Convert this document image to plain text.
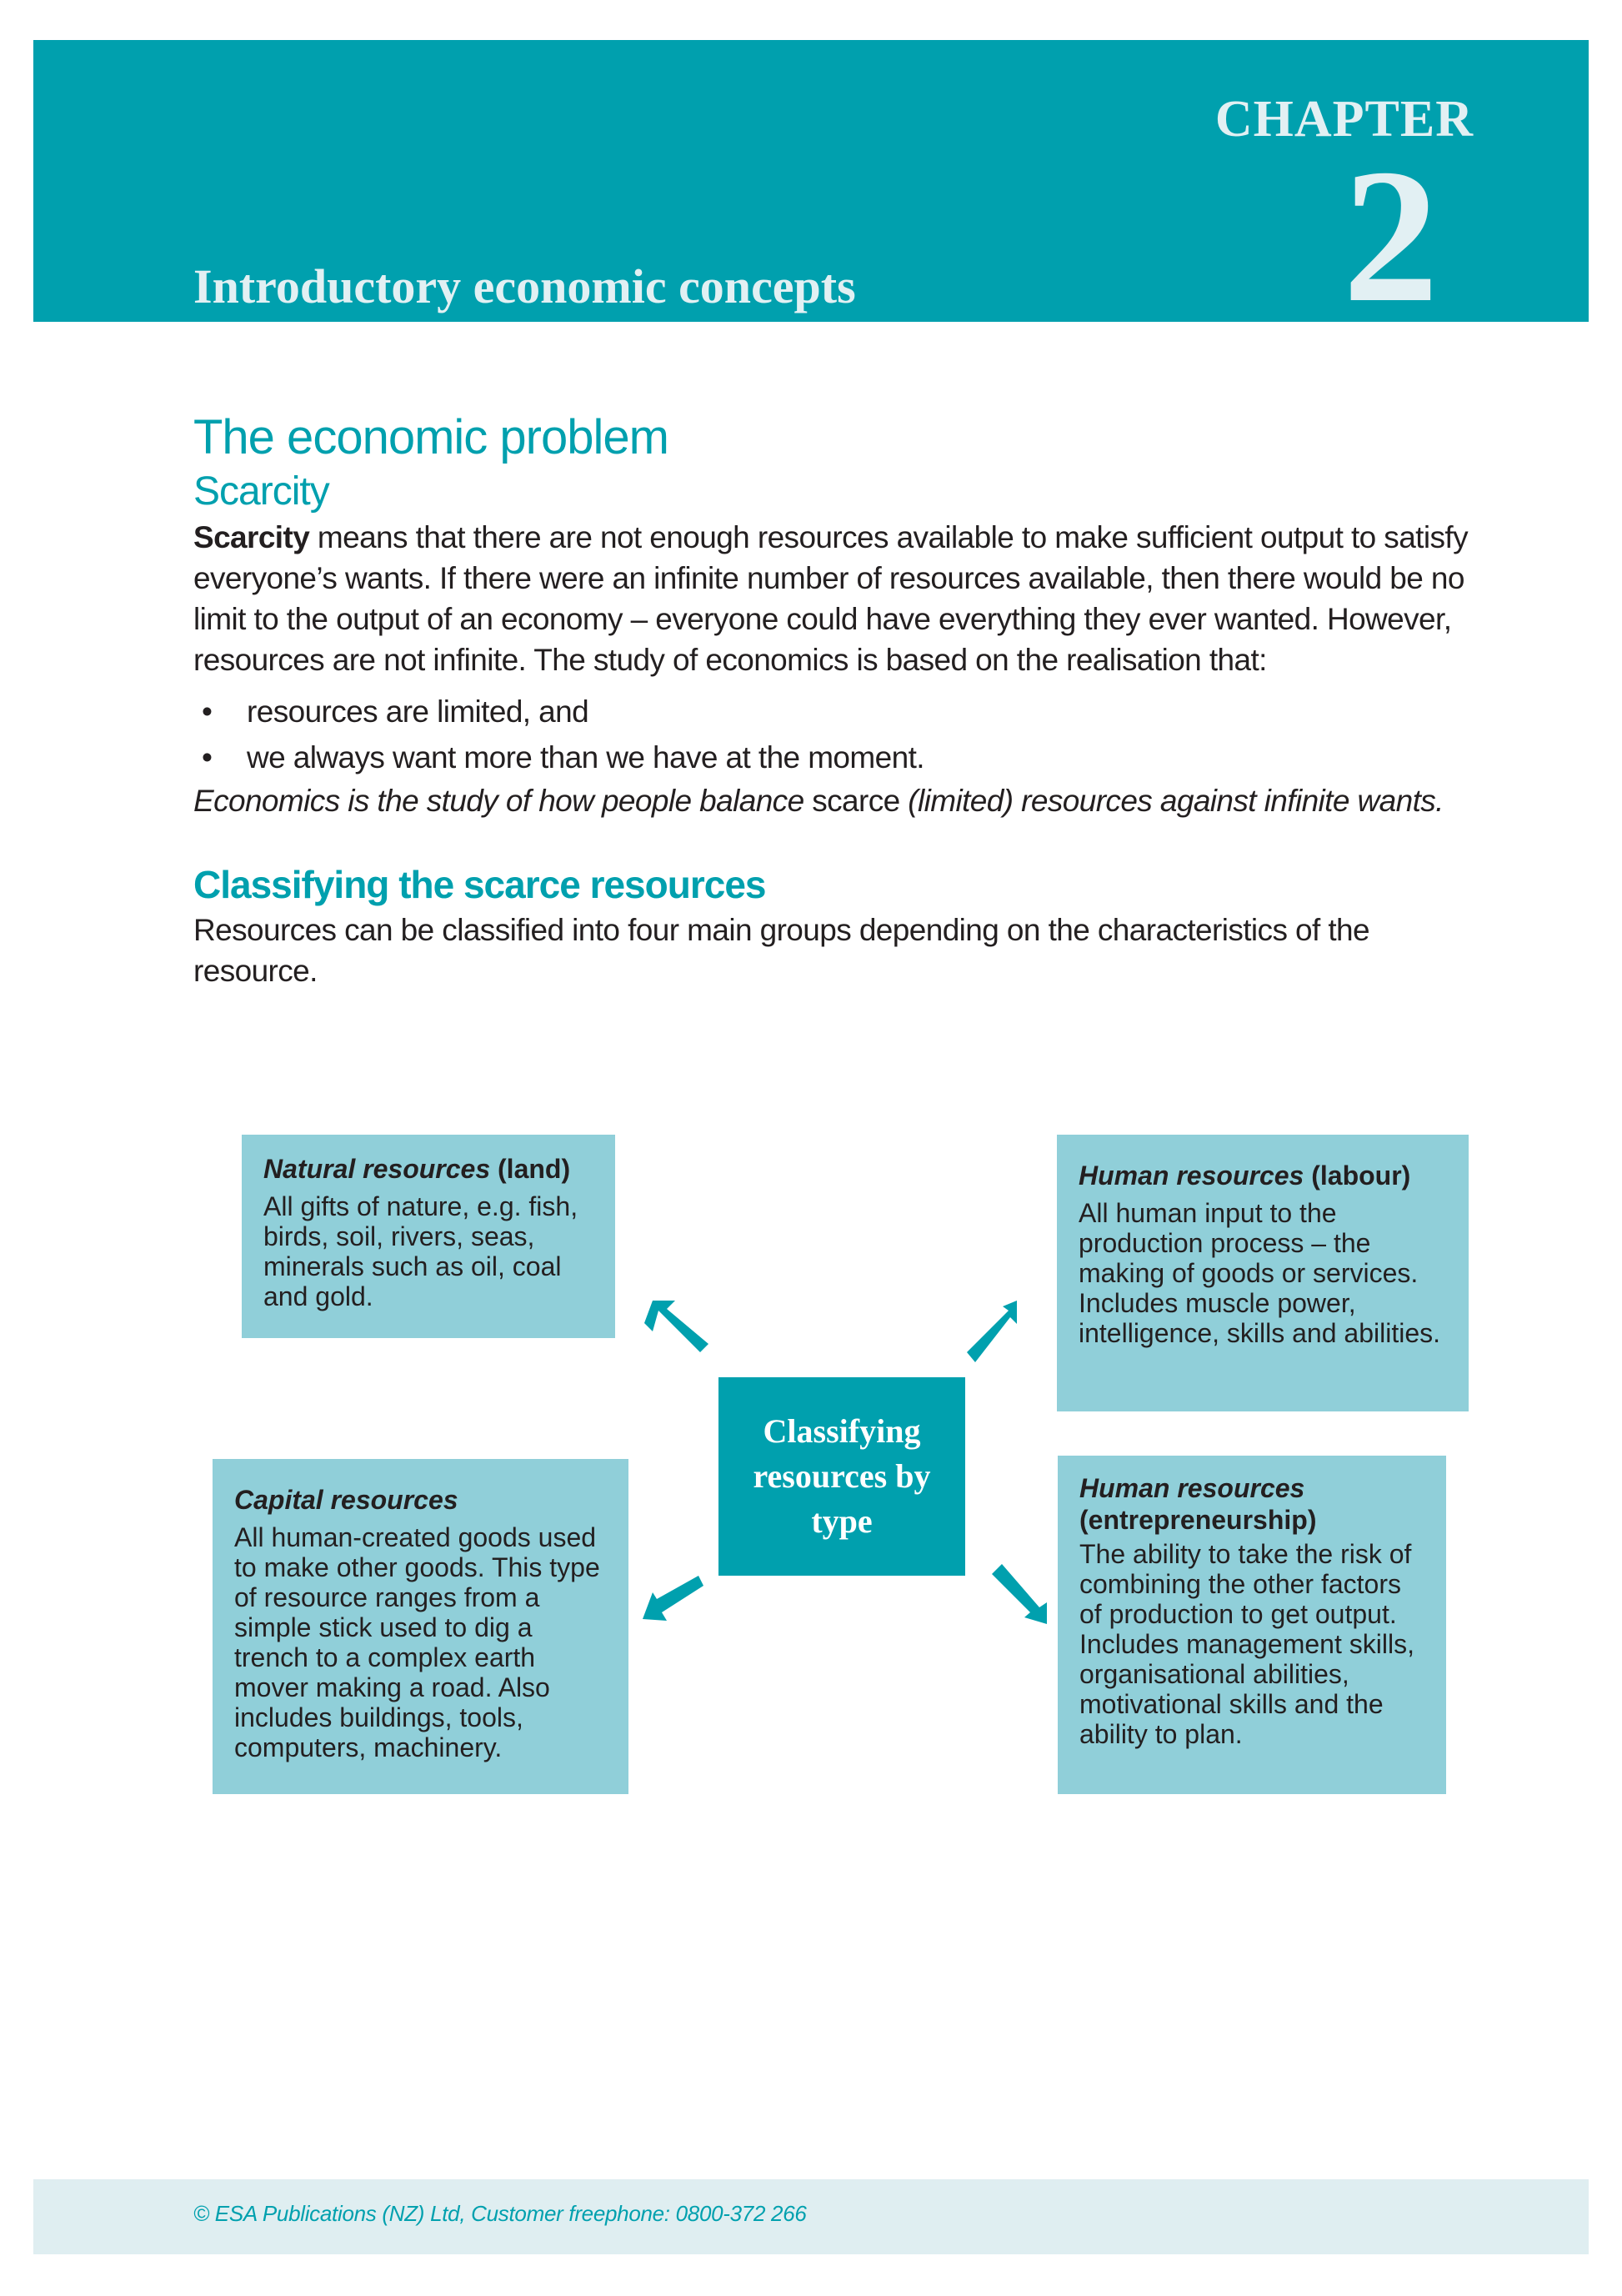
CHAPTER
2
Introductory economic concepts
The economic problem
Scarcity

Scarcity means that there are not enough resources available to make sufficient output to satisfy everyone’s wants. If there were an infinite number of resources available, then there would be no limit to the output of an economy – everyone could have everything they ever wanted. However, resources are not infinite. The study of economics is based on the realisation that:

• resources are limited, and
• we always want more than we have at the moment.

Economics is the study of how people balance scarce (limited) resources against infinite wants.

Classifying the scarce resources

Resources can be classified into four main groups depending on the characteristics of the resource.

Natural resources (land)
All gifts of nature, e.g. fish, birds, soil, rivers, seas, minerals such as oil, coal and gold.
Human resources (labour)
All human input to the production process – the making of goods or services. Includes muscle power, intelligence, skills and abilities.
Capital resources
All human-created goods used to make other goods. This type of resource ranges from a simple stick used to dig a trench to a complex earth mover making a road. Also includes buildings, tools, computers, machinery.
Human resources
(entrepreneurship)
The ability to take the risk of combining the other factors of production to get output. Includes management skills, organisational abilities, motivational skills and the ability to plan.
Classifying resources by type
© ESA Publications (NZ) Ltd, Customer freephone: 0800-372 266
